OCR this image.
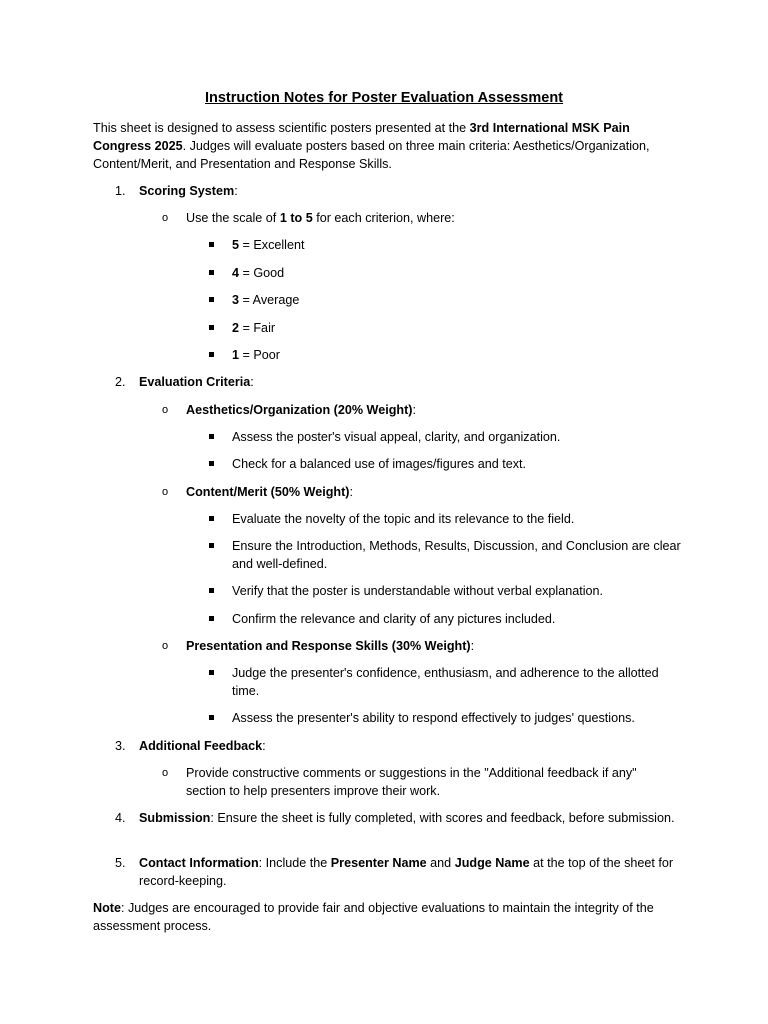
Instruction Notes for Poster Evaluation Assessment
This sheet is designed to assess scientific posters presented at the 3rd International MSK Pain Congress 2025. Judges will evaluate posters based on three main criteria: Aesthetics/Organization, Content/Merit, and Presentation and Response Skills.
1.	Scoring System:
o Use the scale of 1 to 5 for each criterion, where:
5 = Excellent
4 = Good
3 = Average
2 = Fair
1 = Poor
2.	Evaluation Criteria:
o Aesthetics/Organization (20% Weight):
Assess the poster's visual appeal, clarity, and organization.
Check for a balanced use of images/figures and text.
o Content/Merit (50% Weight):
Evaluate the novelty of the topic and its relevance to the field.
Ensure the Introduction, Methods, Results, Discussion, and Conclusion are clear and well-defined.
Verify that the poster is understandable without verbal explanation.
Confirm the relevance and clarity of any pictures included.
o Presentation and Response Skills (30% Weight):
Judge the presenter's confidence, enthusiasm, and adherence to the allotted time.
Assess the presenter's ability to respond effectively to judges' questions.
3.	Additional Feedback:
o Provide constructive comments or suggestions in the "Additional feedback if any" section to help presenters improve their work.
4.	Submission: Ensure the sheet is fully completed, with scores and feedback, before submission.
5.	Contact Information: Include the Presenter Name and Judge Name at the top of the sheet for record-keeping.
Note: Judges are encouraged to provide fair and objective evaluations to maintain the integrity of the assessment process.
